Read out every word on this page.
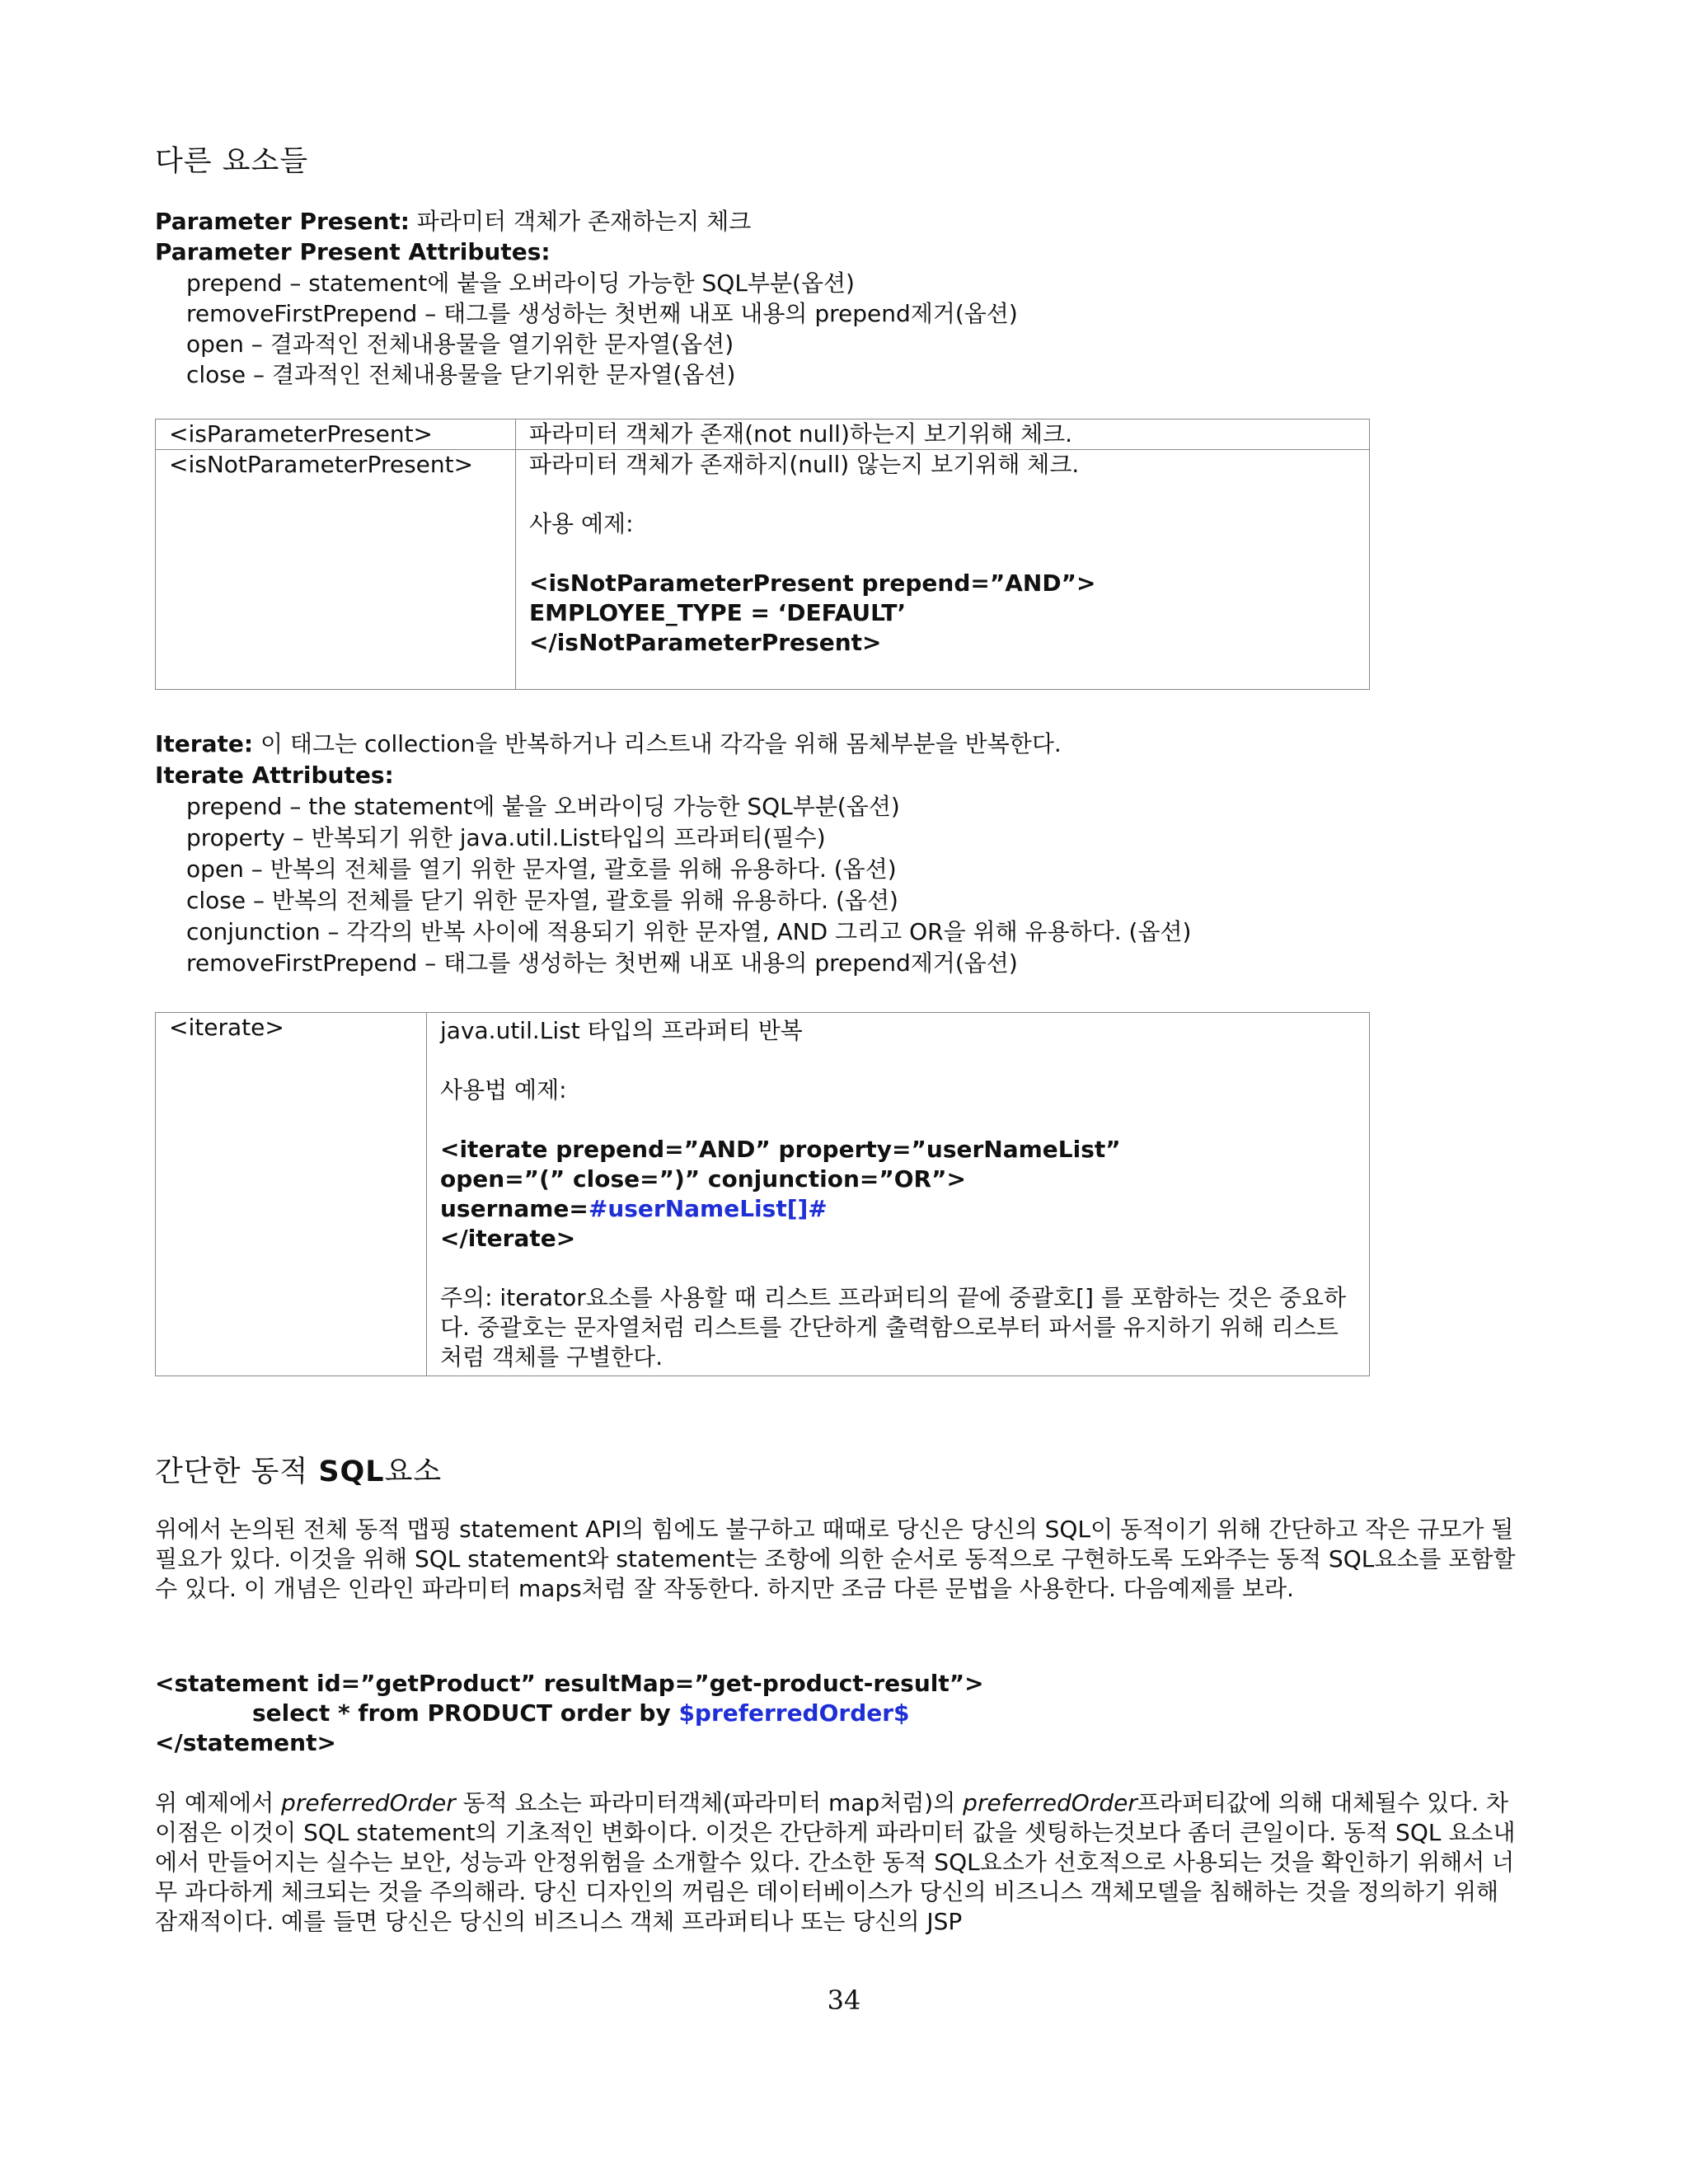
다른 요소들
Parameter Present: 파라미터 객체가 존재하는지 체크
Parameter Present Attributes:
prepend – statement에 붙을 오버라이딩 가능한 SQL부분(옵션)
removeFirstPrepend – 태그를 생성하는 첫번째 내포 내용의 prepend제거(옵션)
open – 결과적인 전체내용물을 열기위한 문자열(옵션)
close – 결과적인 전체내용물을 닫기위한 문자열(옵션)
<isParameterPresent>	파라미터 객체가 존재(not null)하는지 보기위해 체크.
<isNotParameterPresent>	파라미터 객체가 존재하지(null) 않는지 보기위해 체크.
사용 예제:
<isNotParameterPresent prepend=”AND”>
EMPLOYEE_TYPE = ‘DEFAULT’
</isNotParameterPresent>
Iterate: 이 태그는 collection을 반복하거나 리스트내 각각을 위해 몸체부분을 반복한다.
Iterate Attributes:
prepend – the statement에 붙을 오버라이딩 가능한 SQL부분(옵션)
property – 반복되기 위한 java.util.List타입의 프라퍼티(필수)
open – 반복의 전체를 열기 위한 문자열, 괄호를 위해 유용하다. (옵션)
close – 반복의 전체를 닫기 위한 문자열, 괄호를 위해 유용하다. (옵션)
conjunction – 각각의 반복 사이에 적용되기 위한 문자열, AND 그리고 OR을 위해 유용하다. (옵션)
removeFirstPrepend – 태그를 생성하는 첫번째 내포 내용의 prepend제거(옵션)
<iterate>	java.util.List 타입의 프라퍼티 반복
사용법 예제:
<iterate prepend=”AND” property=”userNameList”
open=”(” close=”)” conjunction=”OR”>
username=#userNameList[]#
</iterate>
주의: iterator요소를 사용할 때 리스트 프라퍼티의 끝에 중괄호[] 를 포함하는 것은 중요하다. 중괄호는 문자열처럼 리스트를 간단하게 출력함으로부터 파서를 유지하기 위해 리스트처럼 객체를 구별한다.
간단한 동적 SQL요소
위에서 논의된 전체 동적 맵핑 statement API의 힘에도 불구하고 때때로 당신은 당신의 SQL이 동적이기 위해 간단하고 작은 규모가 될 필요가 있다. 이것을 위해 SQL statement와 statement는 조항에 의한 순서로 동적으로 구현하도록 도와주는 동적 SQL요소를 포함할수 있다. 이 개념은 인라인 파라미터 maps처럼 잘 작동한다. 하지만 조금 다른 문법을 사용한다. 다음예제를 보라.
<statement id=”getProduct” resultMap=”get-product-result”>
select * from PRODUCT order by $preferredOrder$
</statement>
위 예제에서 preferredOrder 동적 요소는 파라미터객체(파라미터 map처럼)의 preferredOrder프라퍼티값에 의해 대체될수 있다. 차이점은 이것이 SQL statement의 기초적인 변화이다. 이것은 간단하게 파라미터 값을 셋팅하는것보다 좀더 큰일이다. 동적 SQL 요소내에서 만들어지는 실수는 보안, 성능과 안정위험을 소개할수 있다. 간소한 동적 SQL요소가 선호적으로 사용되는 것을 확인하기 위해서 너무 과다하게 체크되는 것을 주의해라. 당신 디자인의 꺼림은 데이터베이스가 당신의 비즈니스 객체모델을 침해하는 것을 정의하기 위해 잠재적이다. 예를 들면 당신은 당신의 비즈니스 객체 프라퍼티나 또는 당신의 JSP
34
